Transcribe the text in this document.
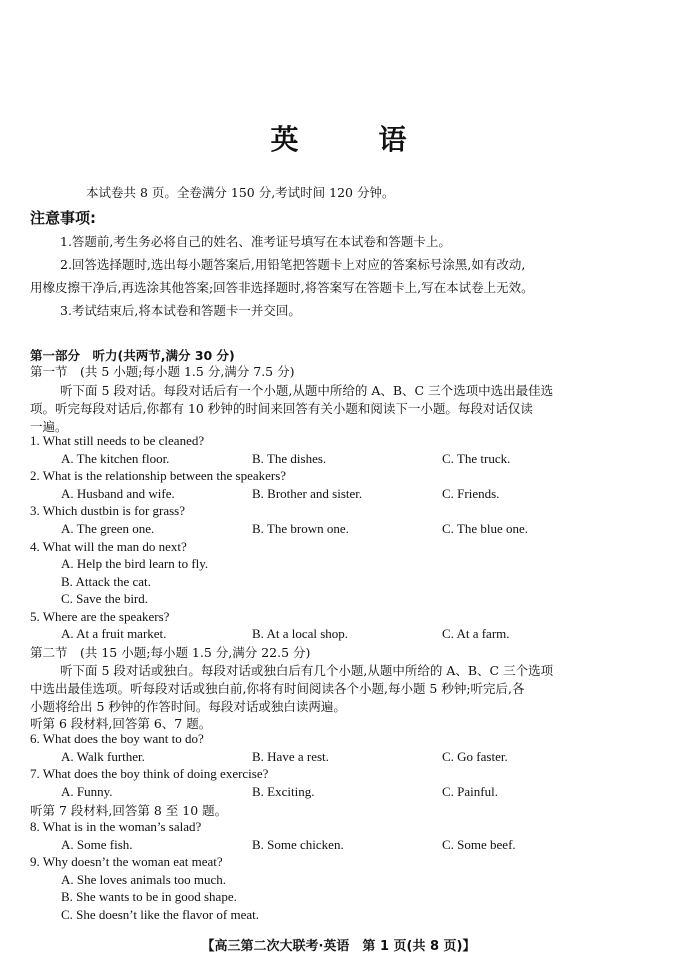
英　语
本试卷共 8 页。全卷满分 150 分,考试时间 120 分钟。
注意事项:
1.答题前,考生务必将自己的姓名、准考证号填写在本试卷和答题卡上。
2.回答选择题时,选出每小题答案后,用铅笔把答题卡上对应的答案标号涂黑,如有改动,
用橡皮擦干净后,再选涂其他答案;回答非选择题时,将答案写在答题卡上,写在本试卷上无效。
3.考试结束后,将本试卷和答题卡一并交回。
第一部分　听力(共两节,满分 30 分)
第一节　(共 5 小题;每小题 1.5 分,满分 7.5 分)
听下面 5 段对话。每段对话后有一个小题,从题中所给的 A、B、C 三个选项中选出最佳选
项。听完每段对话后,你都有 10 秒钟的时间来回答有关小题和阅读下一小题。每段对话仅读
一遍。
1. What still needs to be cleaned?
A. The kitchen floor.	B. The dishes.	C. The truck.
2. What is the relationship between the speakers?
A. Husband and wife.	B. Brother and sister.	C. Friends.
3. Which dustbin is for grass?
A. The green one.	B. The brown one.	C. The blue one.
4. What will the man do next?
A. Help the bird learn to fly.
B. Attack the cat.
C. Save the bird.
5. Where are the speakers?
A. At a fruit market.	B. At a local shop.	C. At a farm.
第二节　(共 15 小题;每小题 1.5 分,满分 22.5 分)
听下面 5 段对话或独白。每段对话或独白后有几个小题,从题中所给的 A、B、C 三个选项
中选出最佳选项。听每段对话或独白前,你将有时间阅读各个小题,每小题 5 秒钟;听完后,各
小题将给出 5 秒钟的作答时间。每段对话或独白读两遍。
听第 6 段材料,回答第 6、7 题。
6. What does the boy want to do?
A. Walk further.	B. Have a rest.	C. Go faster.
7. What does the boy think of doing exercise?
A. Funny.	B. Exciting.	C. Painful.
听第 7 段材料,回答第 8 至 10 题。
8. What is in the woman’s salad?
A. Some fish.	B. Some chicken.	C. Some beef.
9. Why doesn’t the woman eat meat?
A. She loves animals too much.
B. She wants to be in good shape.
C. She doesn’t like the flavor of meat.
【高三第二次大联考·英语　第 1 页(共 8 页)】
